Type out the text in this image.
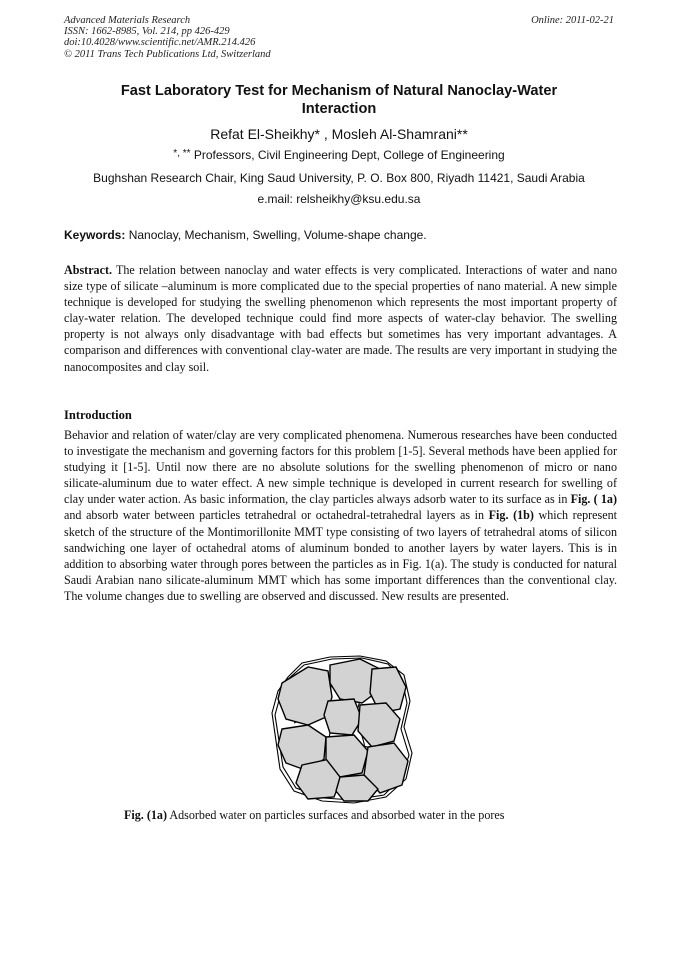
Advanced Materials Research
ISSN: 1662-8985, Vol. 214, pp 426-429
doi:10.4028/www.scientific.net/AMR.214.426
© 2011 Trans Tech Publications Ltd, Switzerland
Online: 2011-02-21
Fast Laboratory Test for Mechanism of Natural Nanoclay-Water
Interaction
Refat El-Sheikhy* , Mosleh Al-Shamrani**
*, ** Professors, Civil Engineering Dept, College of Engineering
Bughshan Research Chair, King Saud University, P. O. Box 800, Riyadh 11421, Saudi Arabia
e.mail: relsheikhy@ksu.edu.sa
Keywords: Nanoclay, Mechanism, Swelling, Volume-shape change.
Abstract. The relation between nanoclay and water effects is very complicated. Interactions of water and nano size type of silicate –aluminum is more complicated due to the special properties of nano material. A new simple technique is developed for studying the swelling phenomenon which represents the most important property of clay-water relation. The developed technique could find more aspects of water-clay behavior. The swelling property is not always only disadvantage with bad effects but sometimes has very important advantages. A comparison and differences with conventional clay-water are made. The results are very important in studying the nanocomposites and clay soil.
Introduction
Behavior and relation of water/clay are very complicated phenomena. Numerous researches have been conducted to investigate the mechanism and governing factors for this problem [1-5]. Several methods have been applied for studying it [1-5]. Until now there are no absolute solutions for the swelling phenomenon of micro or nano silicate-aluminum due to water effect. A new simple technique is developed in current research for swelling of clay under water action. As basic information, the clay particles always adsorb water to its surface as in Fig. ( 1a) and absorb water between particles tetrahedral or octahedral-tetrahedral layers as in Fig. (1b) which represent sketch of the structure of the Montimorillonite MMT type consisting of two layers of tetrahedral atoms of silicon sandwiching one layer of octahedral atoms of aluminum bonded to another layers by water layers. This is in addition to absorbing water through pores between the particles as in Fig. 1(a). The study is conducted for natural Saudi Arabian nano silicate-aluminum MMT which has some important differences than the conventional clay. The volume changes due to swelling are observed and discussed. New results are presented.
Fig. (1a) Adsorbed water on particles surfaces and absorbed water in the pores
